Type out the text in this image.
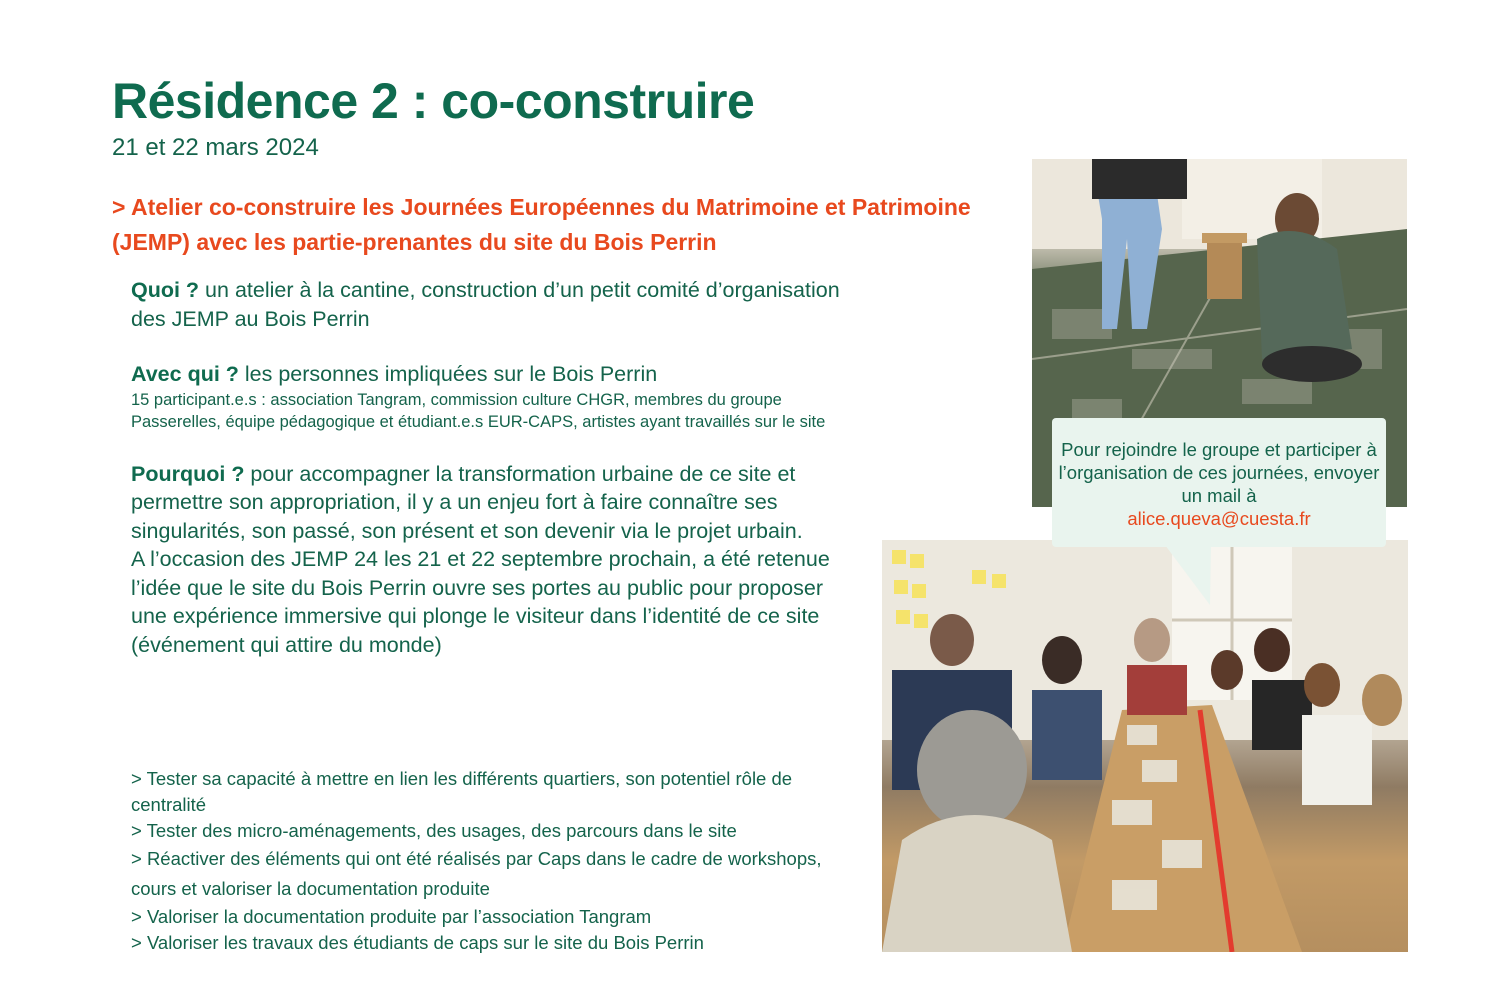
Résidence 2 : co-construire
21 et 22 mars 2024
> Atelier co-construire les Journées Européennes du Matrimoine et Patrimoine (JEMP) avec les partie-prenantes du site du Bois Perrin

Quoi ? un atelier à la cantine, construction d’un petit comité d’organisation des JEMP au Bois Perrin

Avec qui ? les personnes impliquées sur le Bois Perrin

15 participant.e.s : association Tangram, commission culture CHGR, membres du groupe Passerelles, équipe pédagogique et étudiant.e.s EUR-CAPS, artistes ayant travaillés sur le site

Pourquoi ? pour accompagner la transformation urbaine de ce site et permettre son appropriation, il y a un enjeu fort à faire connaître ses singularités, son passé, son présent et son devenir via le projet urbain.

A l’occasion des JEMP 24 les 21 et 22 septembre prochain, a été retenue l’idée que le site du Bois Perrin ouvre ses portes au public pour proposer une expérience immersive qui plonge le visiteur dans l’identité de ce site (événement qui attire du monde)

> Tester sa capacité à mettre en lien les différents quartiers, son potentiel rôle de centralité
> Tester des micro-aménagements, des usages, des parcours dans le site
> Réactiver des éléments qui ont été réalisés par Caps dans le cadre de workshops, cours et valoriser la documentation produite
> Valoriser la documentation produite par l’association Tangram
> Valoriser les travaux des étudiants de caps sur le site du Bois Perrin
Pour rejoindre le groupe et participer à l’organisation de ces journées, envoyer un mail à
alice.queva@cuesta.fr
